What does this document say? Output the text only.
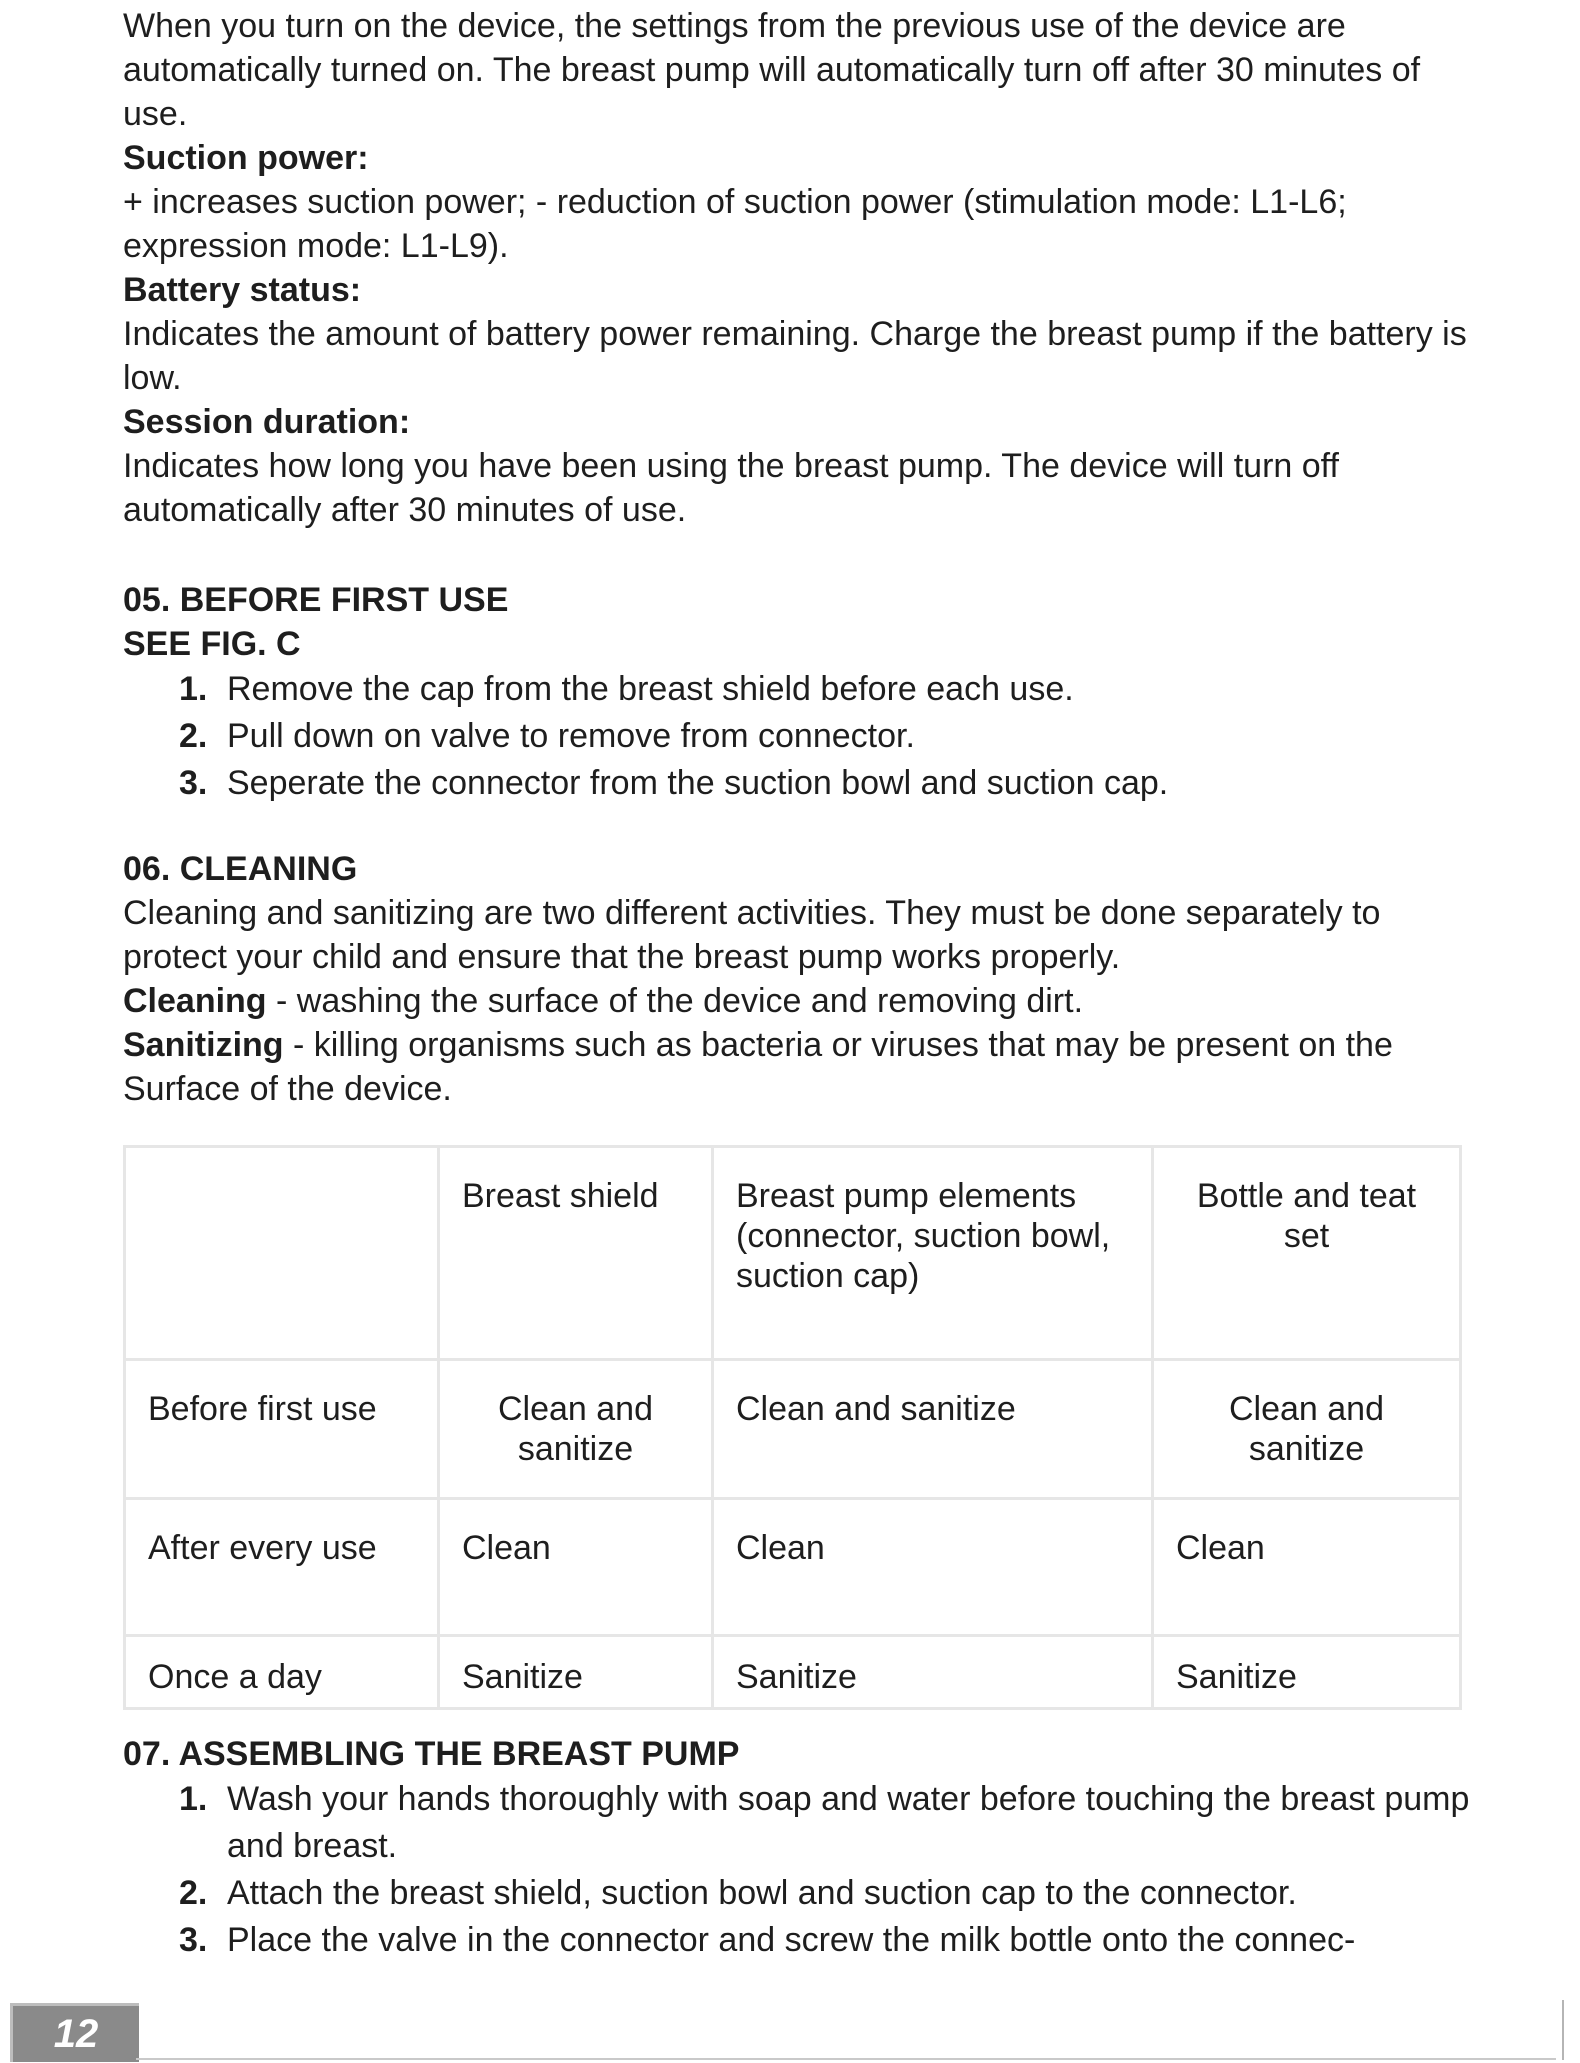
When you turn on the device, the settings from the previous use of the device are automatically turned on. The breast pump will automatically turn off after 30 minutes of use.

Suction power:

+ increases suction power; - reduction of suction power (stimulation mode: L1-L6; expression mode: L1-L9).

Battery status:

Indicates the amount of battery power remaining. Charge the breast pump if the battery is low.

Session duration:

Indicates how long you have been using the breast pump. The device will turn off automatically after 30 minutes of use.

05. BEFORE FIRST USE
SEE FIG. C
1. Remove the cap from the breast shield before each use.
2. Pull down on valve to remove from connector.
3. Seperate the connector from the suction bowl and suction cap.
06. CLEANING

Cleaning and sanitizing are two different activities. They must be done separately to protect your child and ensure that the breast pump works properly.

Cleaning - washing the surface of the device and removing dirt.

Sanitizing - killing organisms such as bacteria or viruses that may be present on the Surface of the device.

	Breast shield	Breast pump elements (connector, suction bowl, suction cap)	Bottle and teat set
Before first use	Clean and sanitize	Clean and sanitize	Clean and sanitize
After every use	Clean	Clean	Clean
Once a day	Sanitize	Sanitize	Sanitize
07. ASSEMBLING THE BREAST PUMP
1. Wash your hands thoroughly with soap and water before touching the breast pump and breast.
2. Attach the breast shield, suction bowl and suction cap to the connector.
3. Place the valve in the connector and screw the milk bottle onto the connec-
12
